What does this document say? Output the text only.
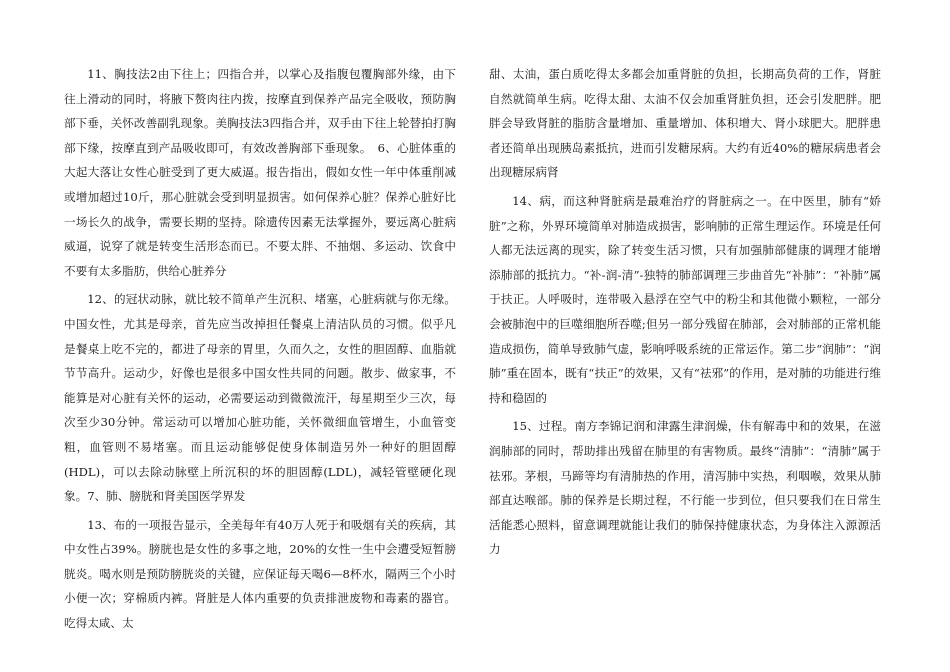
11、胸技法2由下往上；四指合并，以掌心及指腹包覆胸部外缘，由下往上滑动的同时，将腋下赘肉往内拨，按摩直到保养产品完全吸收，预防胸部下垂，关怀改善副乳现象。美胸技法3四指合并，双手由下往上轮替拍打胸部下缘，按摩直到产品吸收即可，有效改善胸部下垂现象。　6、心脏体重的大起大落让女性心脏受到了更大威逼。报告指出，假如女性一年中体重削减或增加超过10斤，那心脏就会受到明显损害。如何保养心脏？保养心脏好比一场长久的战争，需要长期的坚持。除遗传因素无法掌握外，要远离心脏病威逼，说穿了就是转变生活形态而已。不要太胖、不抽烟、多运动、饮食中不要有太多脂肪，供给心脏养分

12、的冠状动脉，就比较不简单产生沉积、堵塞，心脏病就与你无缘。中国女性，尤其是母亲，首先应当改掉担任餐桌上清洁队员的习惯。似乎凡是餐桌上吃不完的，都进了母亲的胃里，久而久之，女性的胆固醇、血脂就节节高升。运动少，好像也是很多中国女性共同的问题。散步、做家事，不能算是对心脏有关怀的运动，必需要运动到微微流汗，每星期至少三次，每次至少30分钟。常运动可以增加心脏功能，关怀微细血管增生，小血管变粗，血管则不易堵塞。而且运动能够促使身体制造另外一种好的胆固醇(HDL)，可以去除动脉壁上所沉积的坏的胆固醇(LDL)，减轻管壁硬化现象。7、肺、膀胱和肾美国医学界发

13、布的一项报告显示，全美每年有40万人死于和吸烟有关的疾病，其中女性占39%。膀胱也是女性的多事之地，20%的女性一生中会遭受短暂膀胱炎。喝水则是预防膀胱炎的关键，应保证每天喝6—8杯水，隔两三个小时小便一次；穿棉质内裤。肾脏是人体内重要的负责排泄废物和毒素的器官。吃得太咸、太

甜、太油，蛋白质吃得太多都会加重肾脏的负担，长期高负荷的工作，肾脏自然就简单生病。吃得太甜、太油不仅会加重肾脏负担，还会引发肥胖。肥胖会导致肾脏的脂肪含量增加、重量增加、体积增大、肾小球肥大。肥胖患者还简单出现胰岛素抵抗，进而引发糖尿病。大约有近40%的糖尿病患者会出现糖尿病肾

14、病，而这种肾脏病是最难治疗的肾脏病之一。在中医里，肺有“娇脏”之称，外界环境简单对肺造成损害，影响肺的正常生理运作。环境是任何人都无法远离的现实，除了转变生活习惯，只有加强肺部健康的调理才能增添肺部的抵抗力。“补-润-清”-独特的肺部调理三步曲首先“补肺”：“补肺”属于扶正。人呼吸时，连带吸入悬浮在空气中的粉尘和其他微小颗粒，一部分会被肺泡中的巨噬细胞所吞噬;但另一部分残留在肺部，会对肺部的正常机能造成损伤，简单导致肺气虚，影响呼吸系统的正常运作。第二步“润肺”：“润肺”重在固本，既有“扶正”的效果，又有“祛邪”的作用，是对肺的功能进行维持和稳固的

15、过程。南方李锦记润和津露生津润燥，佧有解毒中和的效果，在滋润肺部的同时，帮助排出残留在肺里的有害物质。最终“清肺”：“清肺”属于祛邪。茅根，马蹄等均有清肺热的作用，清泻肺中实热，利咽喉，效果从肺部直达喉部。肺的保养是长期过程，不行能一步到位，但只要我们在日常生活能悉心照料，留意调理就能让我们的肺保持健康状态，为身体注入源源活力
